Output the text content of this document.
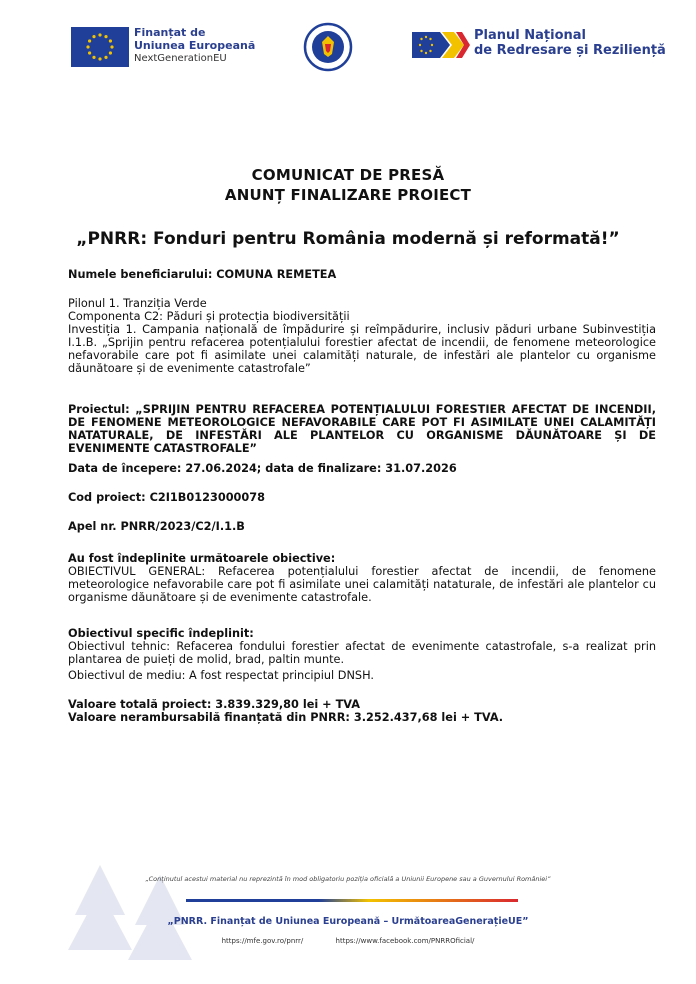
Finanțat de
Uniunea Europeană
NextGenerationEU
Planul Național
de Redresare și Reziliență
COMUNICAT DE PRESĂ
ANUNȚ FINALIZARE PROIECT
„PNRR: Fonduri pentru România modernă și reformată!”
Numele beneficiarului: COMUNA REMETEA
Pilonul 1. Tranziția Verde
Componenta C2: Păduri și protecția biodiversității
Investiția 1. Campania națională de împădurire și reîmpădurire, inclusiv păduri urbane Subinvestiția I.1.B. „Sprijin pentru refacerea potențialului forestier afectat de incendii, de fenomene meteorologice nefavorabile care pot fi asimilate unei calamități naturale, de infestări ale plantelor cu organisme dăunătoare și de evenimente catastrofale”
Proiectul: „SPRIJIN PENTRU REFACEREA POTENȚIALULUI FORESTIER AFECTAT DE INCENDII, DE FENOMENE METEOROLOGICE NEFAVORABILE CARE POT FI ASIMILATE UNEI CALAMITĂȚI NATATURALE, DE INFESTĂRI ALE PLANTELOR CU ORGANISME DĂUNĂTOARE ȘI DE EVENIMENTE CATASTROFALE”
Data de începere: 27.06.2024; data de finalizare: 31.07.2026
Cod proiect: C2I1B0123000078
Apel nr. PNRR/2023/C2/I.1.B
Au fost îndeplinite următoarele obiective:
OBIECTIVUL GENERAL: Refacerea potențialului forestier afectat de incendii, de fenomene meteorologice nefavorabile care pot fi asimilate unei calamități nataturale, de infestări ale plantelor cu organisme dăunătoare și de evenimente catastrofale.
Obiectivul specific îndeplinit:
Obiectivul tehnic: Refacerea fondului forestier afectat de evenimente catastrofale, s-a realizat prin plantarea de puieți de molid, brad, paltin munte.
Obiectivul de mediu: A fost respectat principiul DNSH.
Valoare totală proiect: 3.839.329,80 lei + TVA
Valoare nerambursabilă finanțată din PNRR: 3.252.437,68 lei + TVA.
„Conținutul acestui material nu reprezintă în mod obligatoriu poziția oficială a Uniunii Europene sau a Guvernului României”
„PNRR. Finanțat de Uniunea Europeană – UrmătoareaGenerațieUE”
https://mfe.gov.ro/pnrr/	https://www.facebook.com/PNRROficial/
